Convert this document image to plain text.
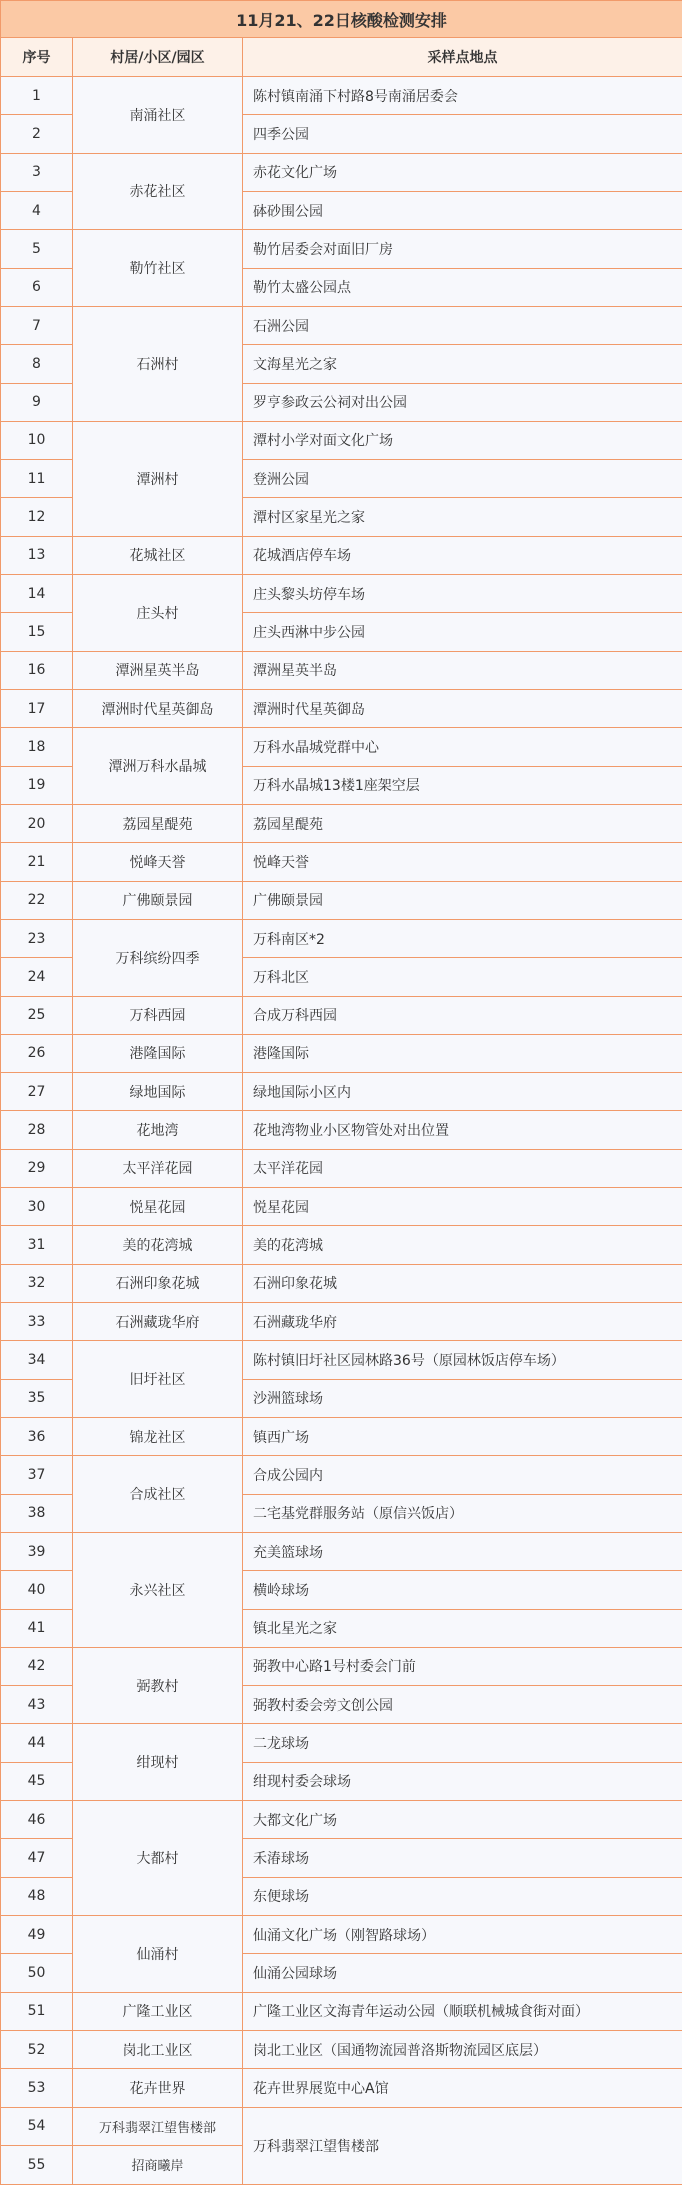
11月21、22日核酸检测安排		
序号	村居/小区/园区	采样点地点
1	南涌社区	陈村镇南涌下村路8号南涌居委会
2		四季公园
3	赤花社区	赤花文化广场
4		砵砂围公园
5	勒竹社区	勒竹居委会对面旧厂房
6		勒竹太盛公园点
7	石洲村	石洲公园
8		文海星光之家
9		罗亨参政云公祠对出公园
10	潭洲村	潭村小学对面文化广场
11		登洲公园
12		潭村区家星光之家
13	花城社区	花城酒店停车场
14	庄头村	庄头黎头坊停车场
15		庄头西淋中步公园
16	潭洲星英半岛	潭洲星英半岛
17	潭洲时代星英御岛	潭洲时代星英御岛
18	潭洲万科水晶城	万科水晶城党群中心
19		万科水晶城13楼1座架空层
20	荔园星醍苑	荔园星醍苑
21	悦峰天誉	悦峰天誉
22	广佛颐景园	广佛颐景园
23	万科缤纷四季	万科南区*2
24		万科北区
25	万科西园	合成万科西园
26	港隆国际	港隆国际
27	绿地国际	绿地国际小区内
28	花地湾	花地湾物业小区物管处对出位置
29	太平洋花园	太平洋花园
30	悦星花园	悦星花园
31	美的花湾城	美的花湾城
32	石洲印象花城	石洲印象花城
33	石洲藏珑华府	石洲藏珑华府
34	旧圩社区	陈村镇旧圩社区园林路36号（原园林饭店停车场）
35		沙洲篮球场
36	锦龙社区	镇西广场
37	合成社区	合成公园内
38		二宅基党群服务站（原信兴饭店）
39	永兴社区	充美篮球场
40		横岭球场
41		镇北星光之家
42	弼教村	弼教中心路1号村委会门前
43		弼教村委会旁文创公园
44	绀现村	二龙球场
45		绀现村委会球场
46	大都村	大都文化广场
47		禾湷球场
48		东便球场
49	仙涌村	仙涌文化广场（刚智路球场）
50		仙涌公园球场
51	广隆工业区	广隆工业区文海青年运动公园（顺联机械城食街对面）
52	岗北工业区	岗北工业区（国通物流园普洛斯物流园区底层）
53	花卉世界	花卉世界展览中心A馆
54	万科翡翠江望售楼部	万科翡翠江望售楼部
55	招商曦岸	
